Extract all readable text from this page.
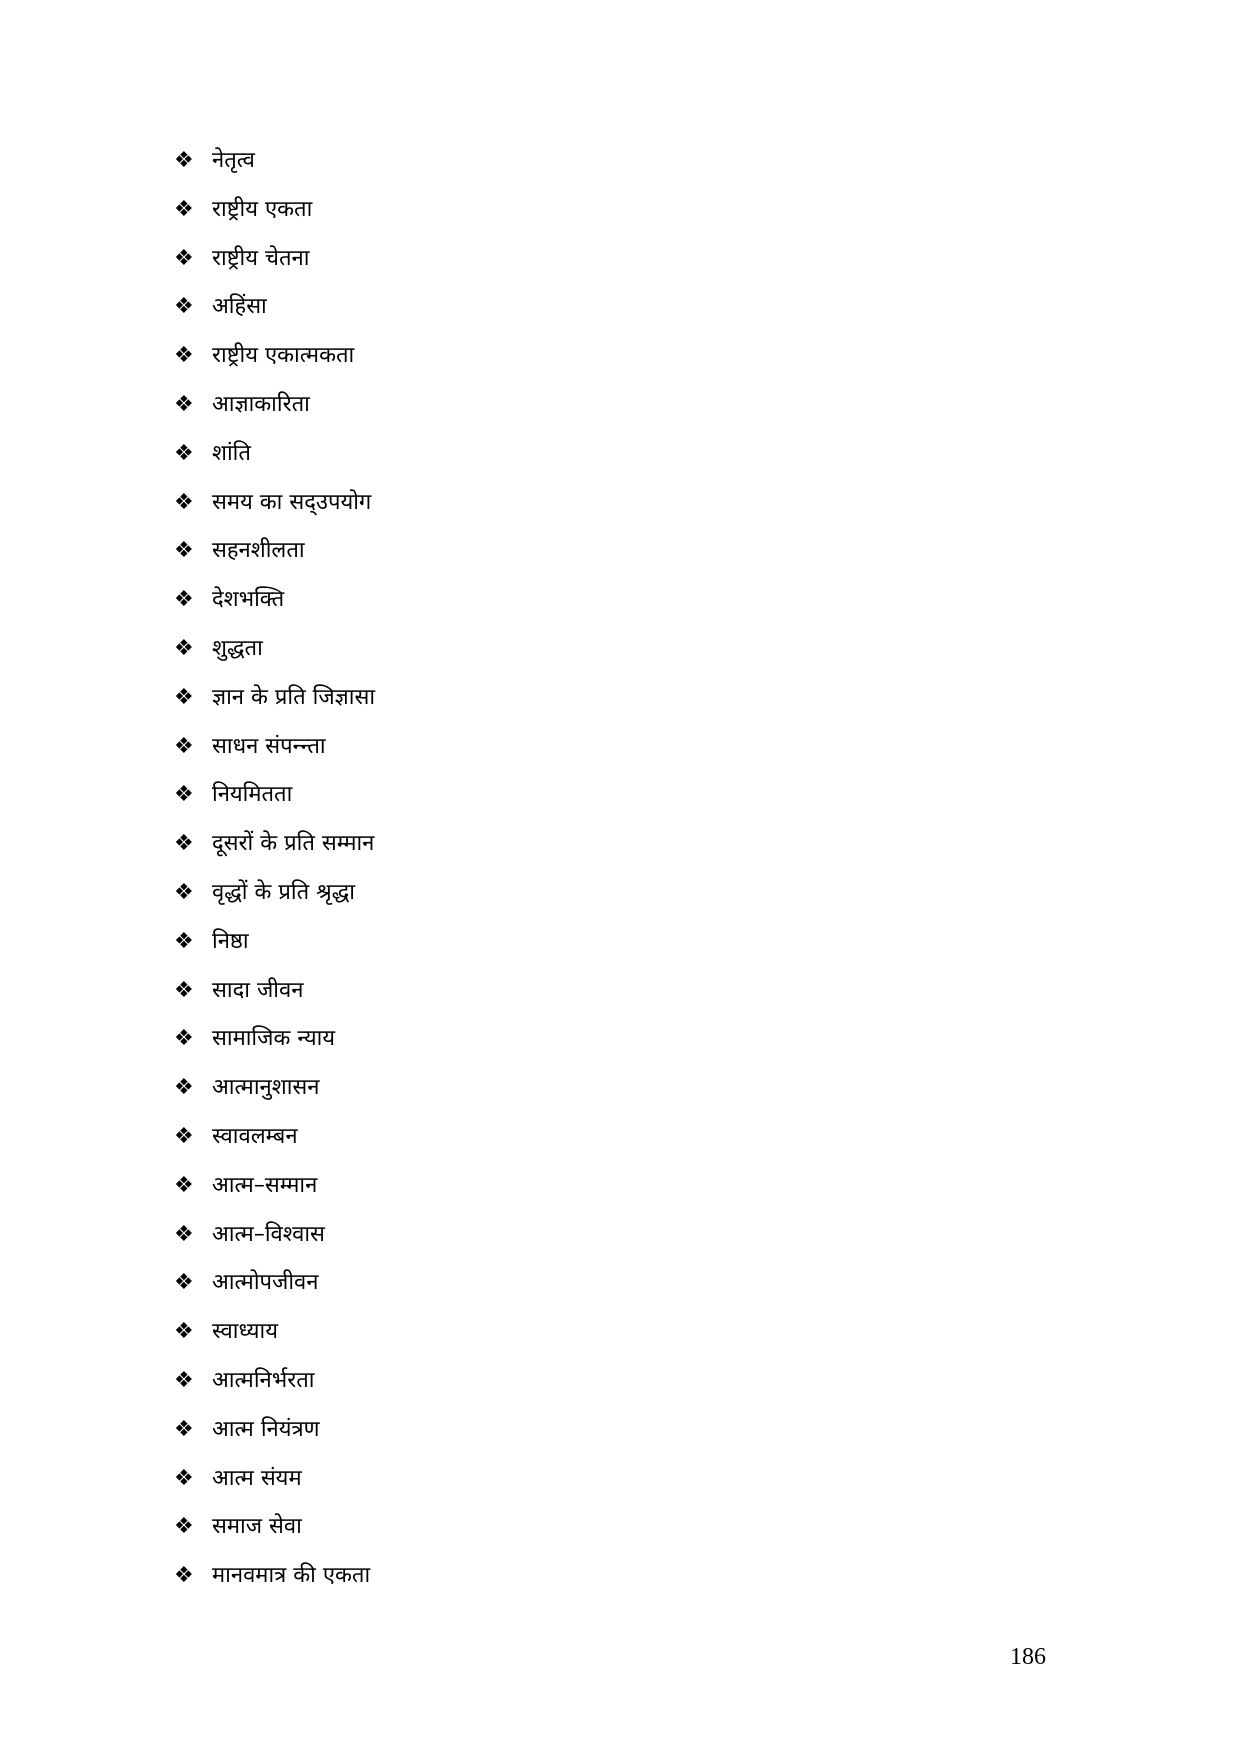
❖ नेतृत्व
❖ राष्ट्रीय एकता
❖ राष्ट्रीय चेतना
❖ अहिंसा
❖ राष्ट्रीय एकात्मकता
❖ आज्ञाकारिता
❖ शांति
❖ समय का सद्उपयोग
❖ सहनशीलता
❖ देशभक्ति
❖ शुद्धता
❖ ज्ञान के प्रति जिज्ञासा
❖ साधन संपन्न्ता
❖ नियमितता
❖ दूसरों के प्रति सम्मान
❖ वृद्धों के प्रति श्रृद्धा
❖ निष्ठा
❖ सादा जीवन
❖ सामाजिक न्याय
❖ आत्मानुशासन
❖ स्वावलम्बन
❖ आत्म–सम्मान
❖ आत्म–विश्वास
❖ आत्मोपजीवन
❖ स्वाध्याय
❖ आत्मनिर्भरता
❖ आत्म नियंत्रण
❖ आत्म संयम
❖ समाज सेवा
❖ मानवमात्र की एकता
186
